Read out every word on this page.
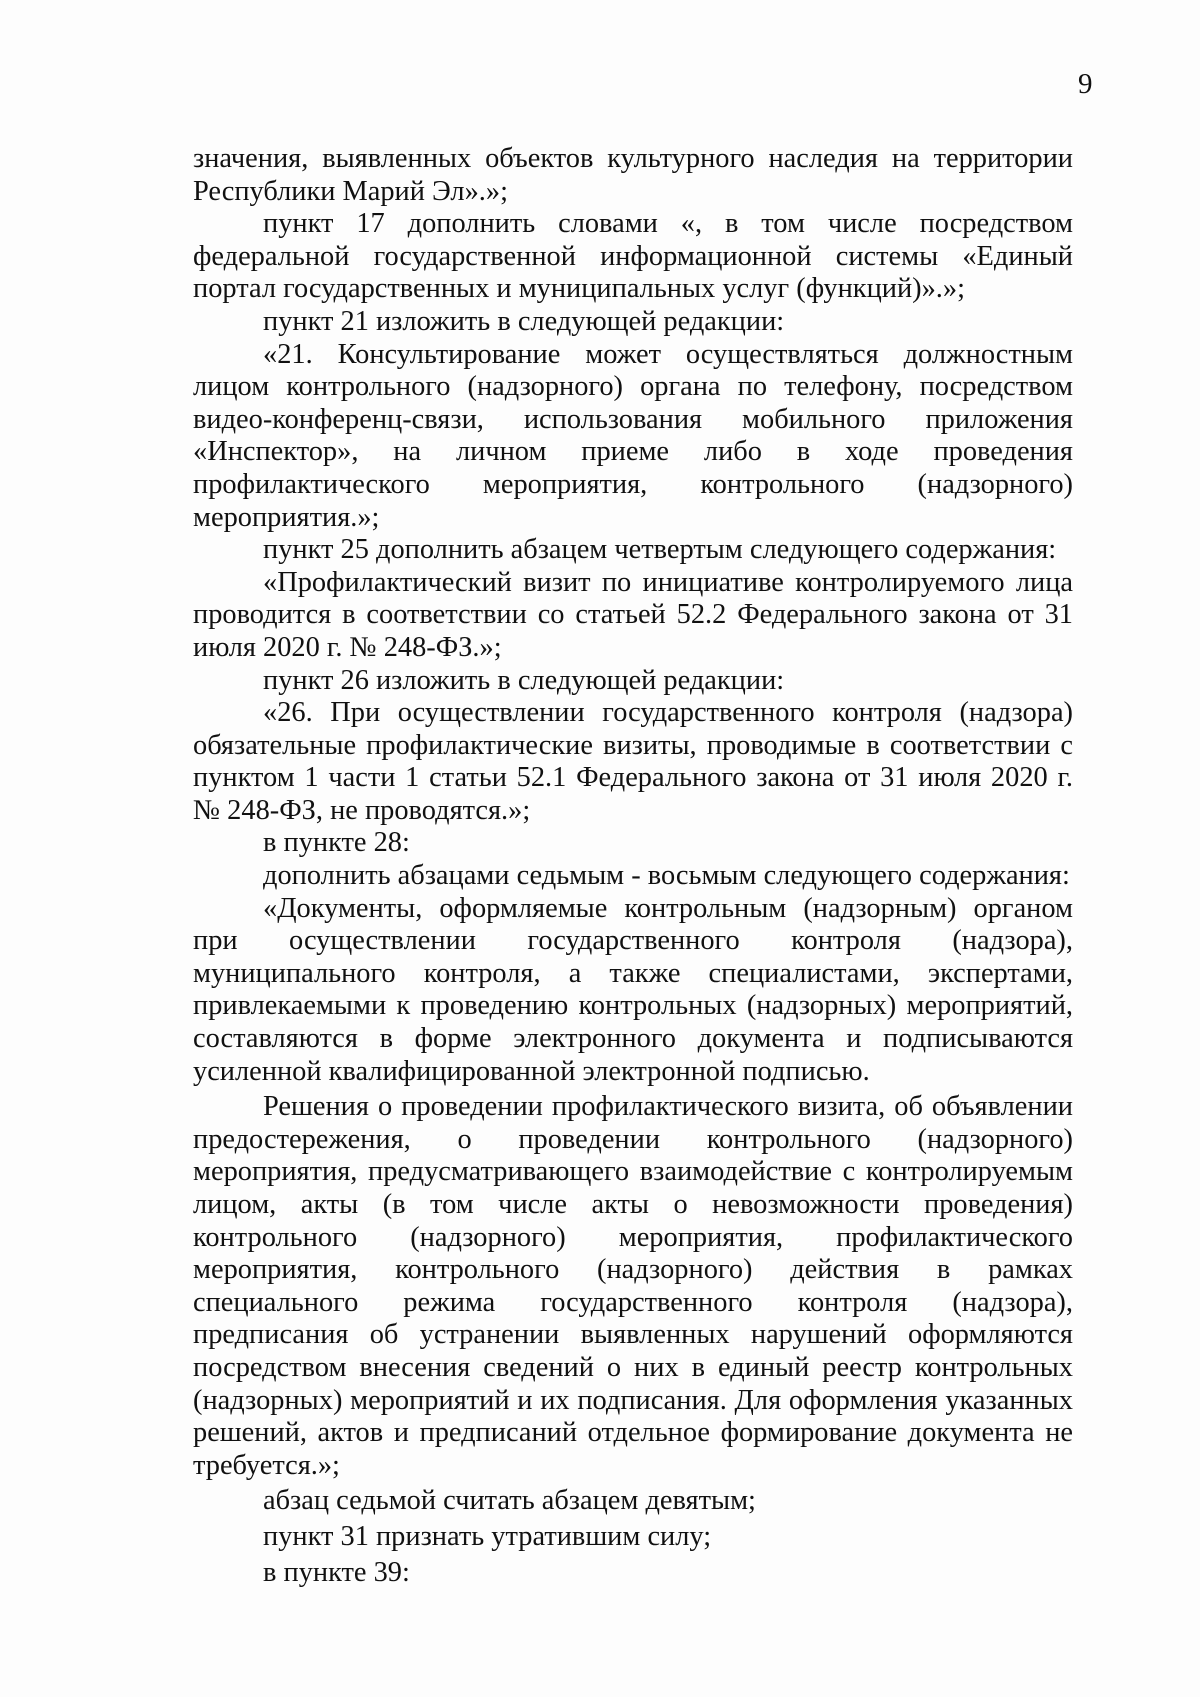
9

значения, выявленных объектов культурного наследия на территории Республики Марий Эл».»;

пункт 17 дополнить словами «, в том числе посредством федеральной государственной информационной системы «Единый портал государственных и муниципальных услуг (функций)».»;

пункт 21 изложить в следующей редакции:

«21. Консультирование может осуществляться должностным лицом контрольного (надзорного) органа по телефону, посредством видео-конференц-связи, использования мобильного приложения «Инспектор», на личном приеме либо в ходе проведения профилактического мероприятия, контрольного (надзорного) мероприятия.»;

пункт 25 дополнить абзацем четвертым следующего содержания:

«Профилактический визит по инициативе контролируемого лица проводится в соответствии со статьей 52.2 Федерального закона от 31 июля 2020 г. № 248-ФЗ.»;

пункт 26 изложить в следующей редакции:

«26. При осуществлении государственного контроля (надзора) обязательные профилактические визиты, проводимые в соответствии с пунктом 1 части 1 статьи 52.1 Федерального закона от 31 июля 2020 г. № 248-ФЗ, не проводятся.»;

в пункте 28:

дополнить абзацами седьмым - восьмым следующего содержания:

«Документы, оформляемые контрольным (надзорным) органом при осуществлении государственного контроля (надзора), муниципального контроля, а также специалистами, экспертами, привлекаемыми к проведению контрольных (надзорных) мероприятий, составляются в форме электронного документа и подписываются усиленной квалифицированной электронной подписью.

Решения о проведении профилактического визита, об объявлении предостережения, о проведении контрольного (надзорного) мероприятия, предусматривающего взаимодействие с контролируемым лицом, акты (в том числе акты о невозможности проведения) контрольного (надзорного) мероприятия, профилактического мероприятия, контрольного (надзорного) действия в рамках специального режима государственного контроля (надзора), предписания об устранении выявленных нарушений оформляются посредством внесения сведений о них в единый реестр контрольных (надзорных) мероприятий и их подписания. Для оформления указанных решений, актов и предписаний отдельное формирование документа не требуется.»;

абзац седьмой считать абзацем девятым;

пункт 31 признать утратившим силу;

в пункте 39:
